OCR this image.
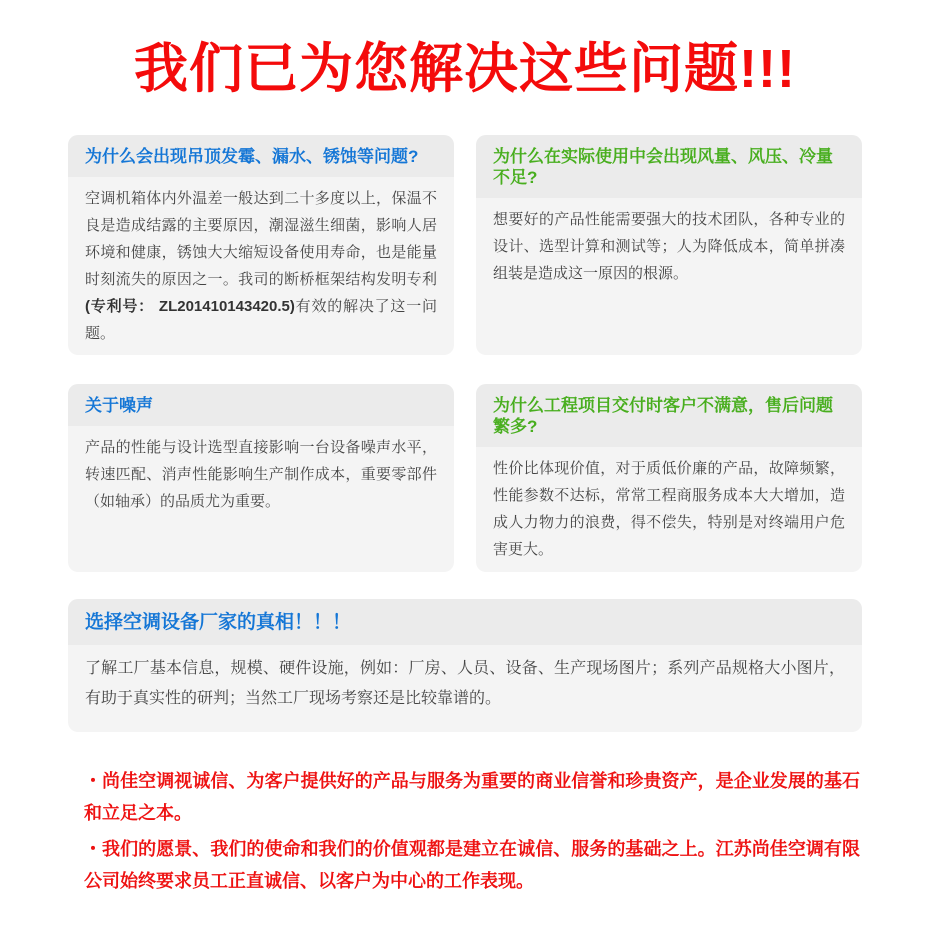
我们已为您解决这些问题!!!
为什么会出现吊顶发霉、漏水、锈蚀等问题?
空调机箱体内外温差一般达到二十多度以上，保温不良是造成结露的主要原因，潮湿滋生细菌，影响人居环境和健康，锈蚀大大缩短设备使用寿命，也是能量时刻流失的原因之一。我司的断桥框架结构发明专利(专利号： ZL201410143420.5)有效的解决了这一问题。
为什么在实际使用中会出现风量、风压、冷量不足?
想要好的产品性能需要强大的技术团队，各种专业的设计、选型计算和测试等；人为降低成本，简单拼凑组装是造成这一原因的根源。
关于噪声
产品的性能与设计选型直接影响一台设备噪声水平，转速匹配、消声性能影响生产制作成本，重要零部件（如轴承）的品质尤为重要。
为什么工程项目交付时客户不满意，售后问题繁多?
性价比体现价值，对于质低价廉的产品，故障频繁，性能参数不达标，常常工程商服务成本大大增加，造成人力物力的浪费，得不偿失，特别是对终端用户危害更大。
选择空调设备厂家的真相！！！
了解工厂基本信息，规模、硬件设施，例如：厂房、人员、设备、生产现场图片；系列产品规格大小图片，有助于真实性的研判；当然工厂现场考察还是比较靠谱的。

・尚佳空调视诚信、为客户提供好的产品与服务为重要的商业信誉和珍贵资产，是企业发展的基石和立足之本。

・我们的愿景、我们的使命和我们的价值观都是建立在诚信、服务的基础之上。江苏尚佳空调有限公司始终要求员工正直诚信、以客户为中心的工作表现。
